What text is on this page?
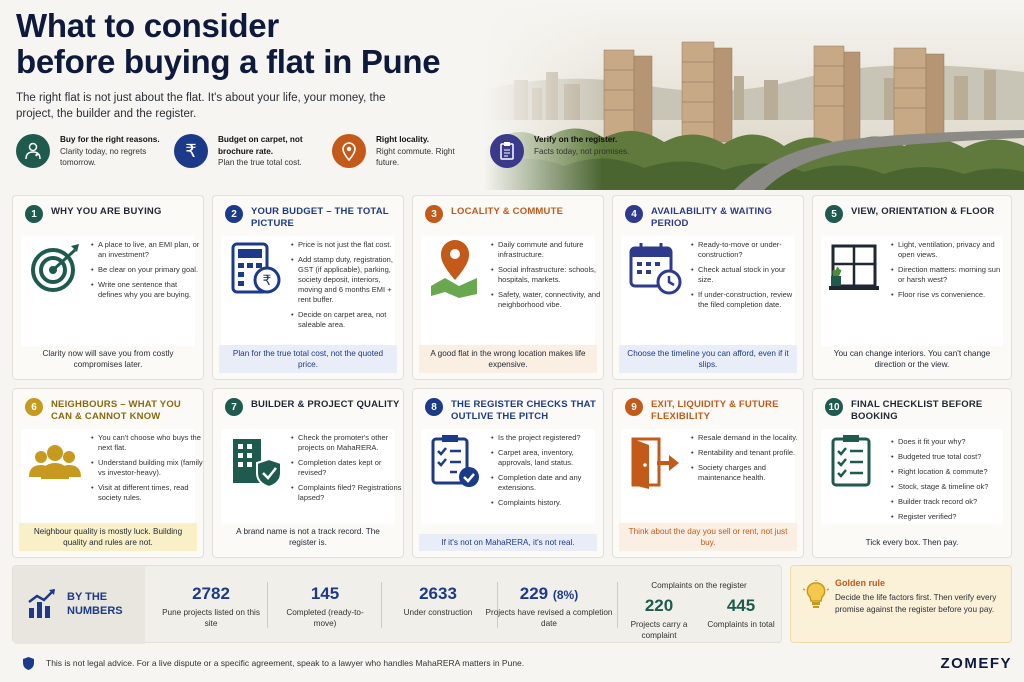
What to consider
before buying a flat in Pune
The right flat is not just about the flat. It's about your life, your money, the project, the builder and the register.
Buy for the right reasons.
Clarity today, no regrets tomorrow.
₹
Budget on carpet, not brochure rate.
Plan the true total cost.
Right locality.
Right commute. Right future.
Verify on the register.
Facts today, not promises.
1	WHY YOU ARE BUYING
• A place to live, an EMI plan, or an investment?
• Be clear on your primary goal.
• Write one sentence that defines why you are buying.
Clarity now will save you from costly compromises later.
2	YOUR BUDGET – THE TOTAL PICTURE
₹
• Price is not just the flat cost.
• Add stamp duty, registration, GST (if applicable), parking, society deposit, interiors, moving and 6 months EMI + rent buffer.
• Decide on carpet area, not saleable area.
Plan for the true total cost, not the quoted price.
3	LOCALITY & COMMUTE
• Daily commute and future infrastructure.
• Social infrastructure: schools, hospitals, markets.
• Safety, water, connectivity, and neighborhood vibe.
A good flat in the wrong location makes life expensive.
4	AVAILABILITY & WAITING PERIOD
• Ready-to-move or under-construction?
• Check actual stock in your size.
• If under-construction, review the filed completion date.
Choose the timeline you can afford, even if it slips.
5	VIEW, ORIENTATION & FLOOR
• Light, ventilation, privacy and open views.
• Direction matters: morning sun or harsh west?
• Floor rise vs convenience.
You can change interiors. You can't change direction or the view.
6	NEIGHBOURS – WHAT YOU CAN & CANNOT KNOW
• You can't choose who buys the next flat.
• Understand building mix (family vs investor-heavy).
• Visit at different times, read society rules.
Neighbour quality is mostly luck. Building quality and rules are not.
7	BUILDER & PROJECT QUALITY
• Check the promoter's other projects on MahaRERA.
• Completion dates kept or revised?
• Complaints filed? Registrations lapsed?
A brand name is not a track record. The register is.
8	THE REGISTER CHECKS THAT OUTLIVE THE PITCH
• Is the project registered?
• Carpet area, inventory, approvals, land status.
• Completion date and any extensions.
• Complaints history.
If it's not on MahaRERA, it's not real.
9	EXIT, LIQUIDITY & FUTURE FLEXIBILITY
• Resale demand in the locality.
• Rentability and tenant profile.
• Society charges and maintenance health.
Think about the day you sell or rent, not just buy.
10	FINAL CHECKLIST BEFORE BOOKING
• Does it fit your why?
• Budgeted true total cost?
• Right location & commute?
• Stock, stage & timeline ok?
• Builder track record ok?
• Register verified?
Tick every box. Then pay.
BY THE NUMBERS
2782
Pune projects listed on this site
145
Completed (ready-to-move)
2633
Under construction
229 (8%)
Projects have revised a completion date
Complaints on the register
220
Projects carry a complaint
445
Complaints in total
Golden rule
Decide the life factors first. Then verify every promise against the register before you pay.
This is not legal advice. For a live dispute or a specific agreement, speak to a lawyer who handles MahaRERA matters in Pune.	ZOMEFY
